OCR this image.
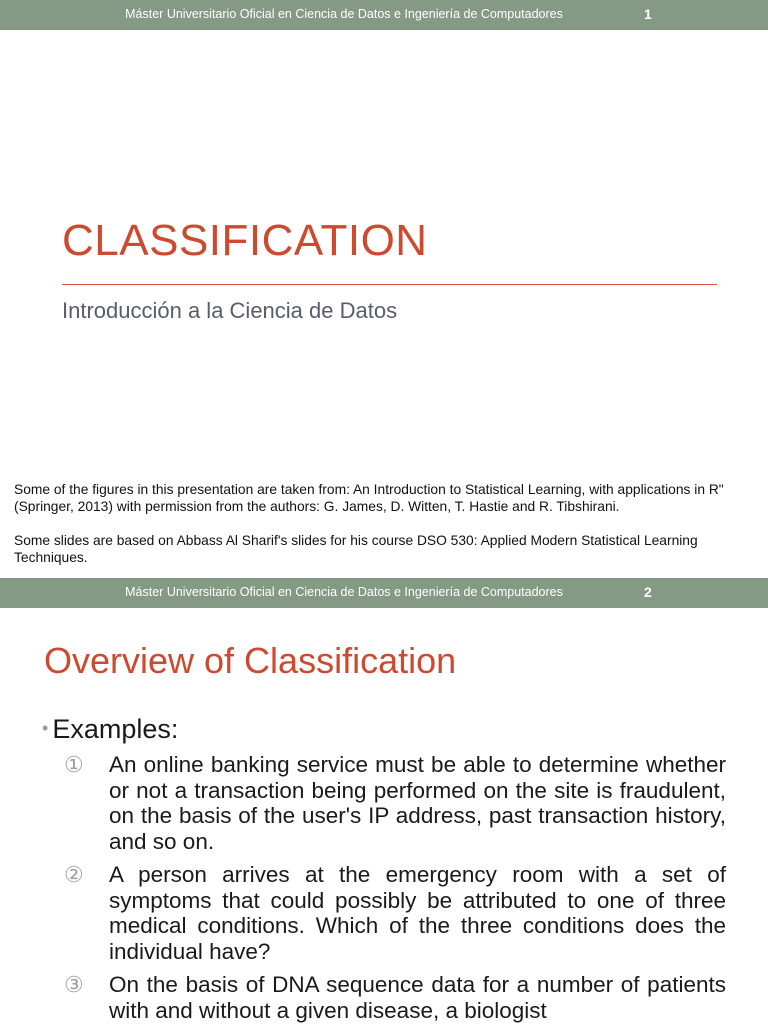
Máster Universitario Oficial en Ciencia de Datos e Ingeniería de Computadores	1
CLASSIFICATION
Introducción a la Ciencia de Datos
Some of the figures in this presentation are taken from: An Introduction to Statistical Learning, with applications in R" (Springer, 2013) with permission from the authors: G. James, D. Witten, T. Hastie and R. Tibshirani.
Some slides are based on Abbass Al Sharif's slides for his course DSO 530: Applied Modern Statistical Learning Techniques.
Máster Universitario Oficial en Ciencia de Datos e Ingeniería de Computadores	2
Overview of Classification
• Examples:
①	An online banking service must be able to determine whether or not a transaction being performed on the site is fraudulent, on the basis of the user's IP address, past transaction history, and so on.
②	A person arrives at the emergency room with a set of symptoms that could possibly be attributed to one of three medical conditions. Which of the three conditions does the individual have?
③	On the basis of DNA sequence data for a number of patients with and without a given disease, a biologist
